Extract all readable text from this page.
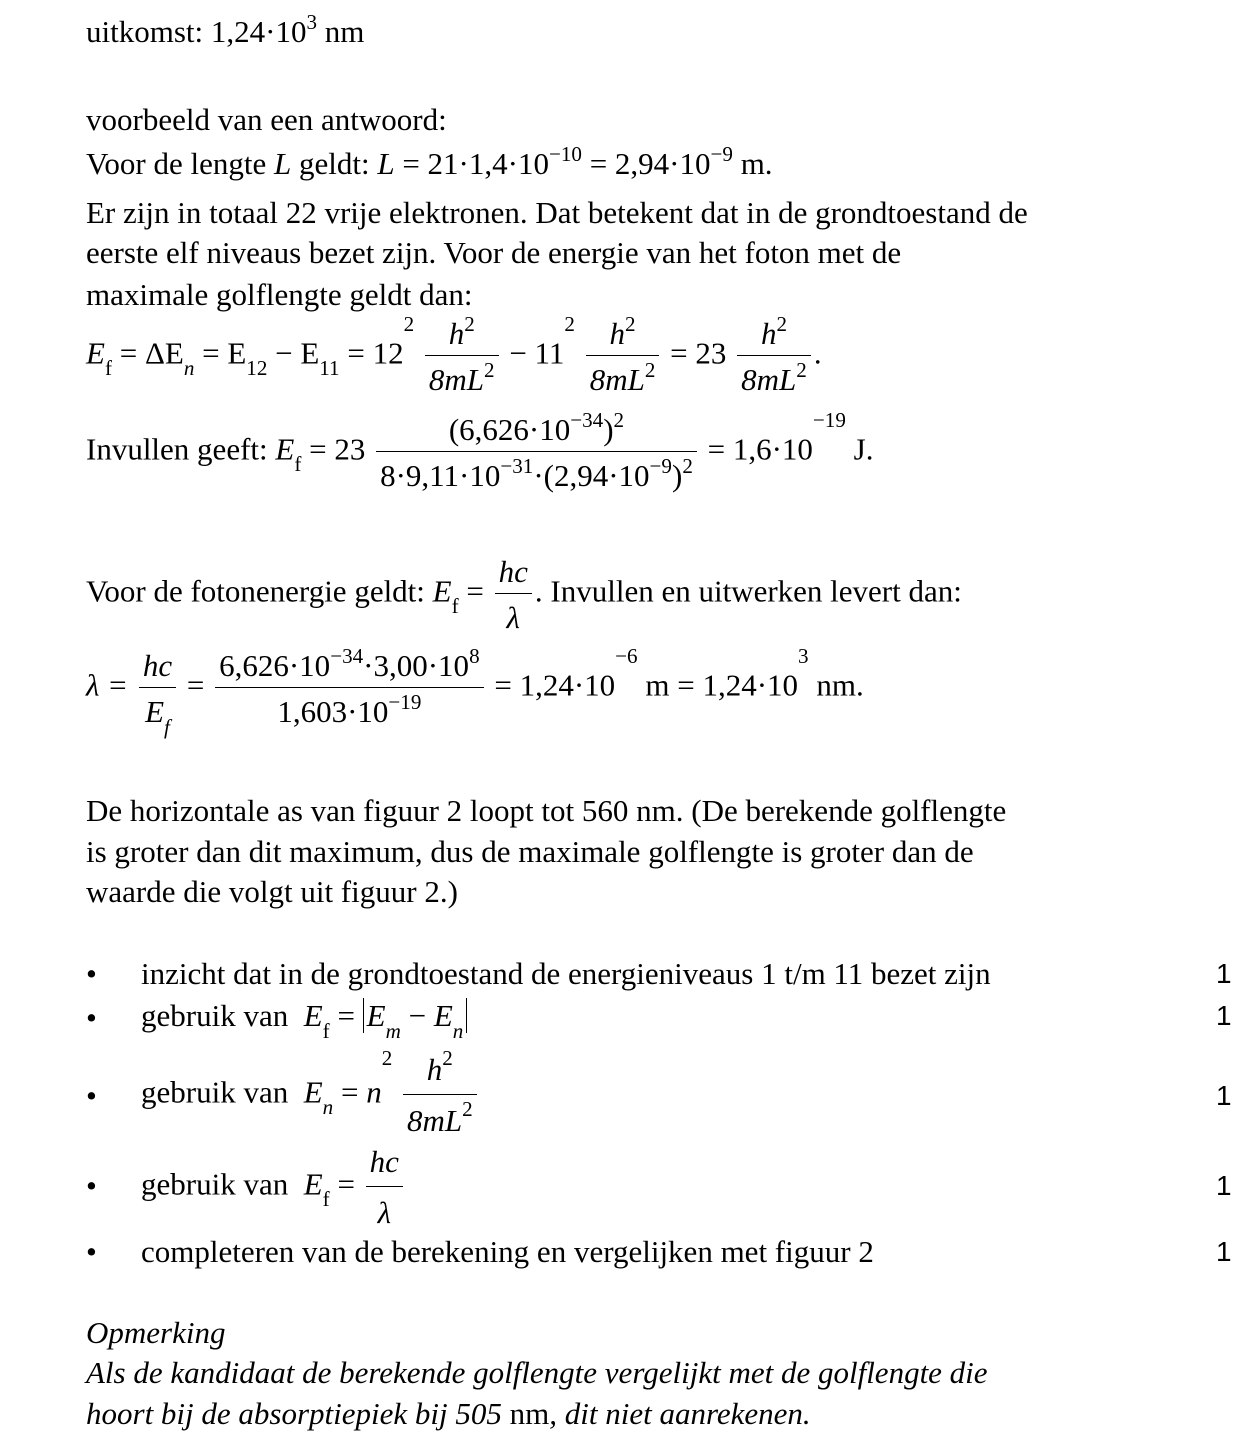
uitkomst: $1,24\cdot 10^3$ nm
voorbeeld van een antwoord:
Voor de lengte L geldt: $L = 21\cdot 1,4\cdot 10^{-10} = 2,94\cdot 10^{-9}$ m.
Er zijn in totaal 22 vrije elektronen. Dat betekent dat in de grondtoestand de
eerste elf niveaus bezet zijn. Voor de energie van het foton met de
maximale golflengte geldt dan:
$E_f = \Delta E_n = E_{12} - E_{11} = 12^2 \frac{h^2}{8mL^2} - 11^2 \frac{h^2}{8mL^2} = 23 \frac{h^2}{8mL^2}$ .
Invullen geeft: $E_f = 23 \frac{(6,626\cdot 10^{-34})^2}{8\cdot 9,11\cdot 10^{-31}\cdot(2,94\cdot 10^{-9})^2} = 1,6\cdot 10^{-19}$ J.
Voor de fotonenergie geldt: $E_f = \frac{hc}{\lambda}$ . Invullen en uitwerken levert dan:
$\lambda = \frac{hc}{E_f} = \frac{6,626\cdot 10^{-34}\cdot 3,00\cdot 10^8}{1,603\cdot 10^{-19}} = 1,24\cdot 10^{-6}$ $m = 1,24\cdot 10^3$ nm.
De horizontale as van figuur 2 loopt tot 560 nm. (De berekende golflengte
is groter dan dit maximum, dus de maximale golflengte is groter dan de
waarde die volgt uit figuur 2.)
• inzicht dat in de grondtoestand de energieniveaus 1 t/m 11 bezet zijn	1
• gebruik van $E_f = E_m - E_n$	1
• gebruik van $E_n = n^2 \frac{h^2}{8mL^2}$	1
• gebruik van $E_f = \frac{hc}{\lambda}$	1
• completeren van de berekening en vergelijken met figuur 2	1
Opmerking
Als de kandidaat de berekende golflengte vergelijkt met de golflengte die
hoort bij de absorptiepiek bij 505 nm, dit niet aanrekenen.
